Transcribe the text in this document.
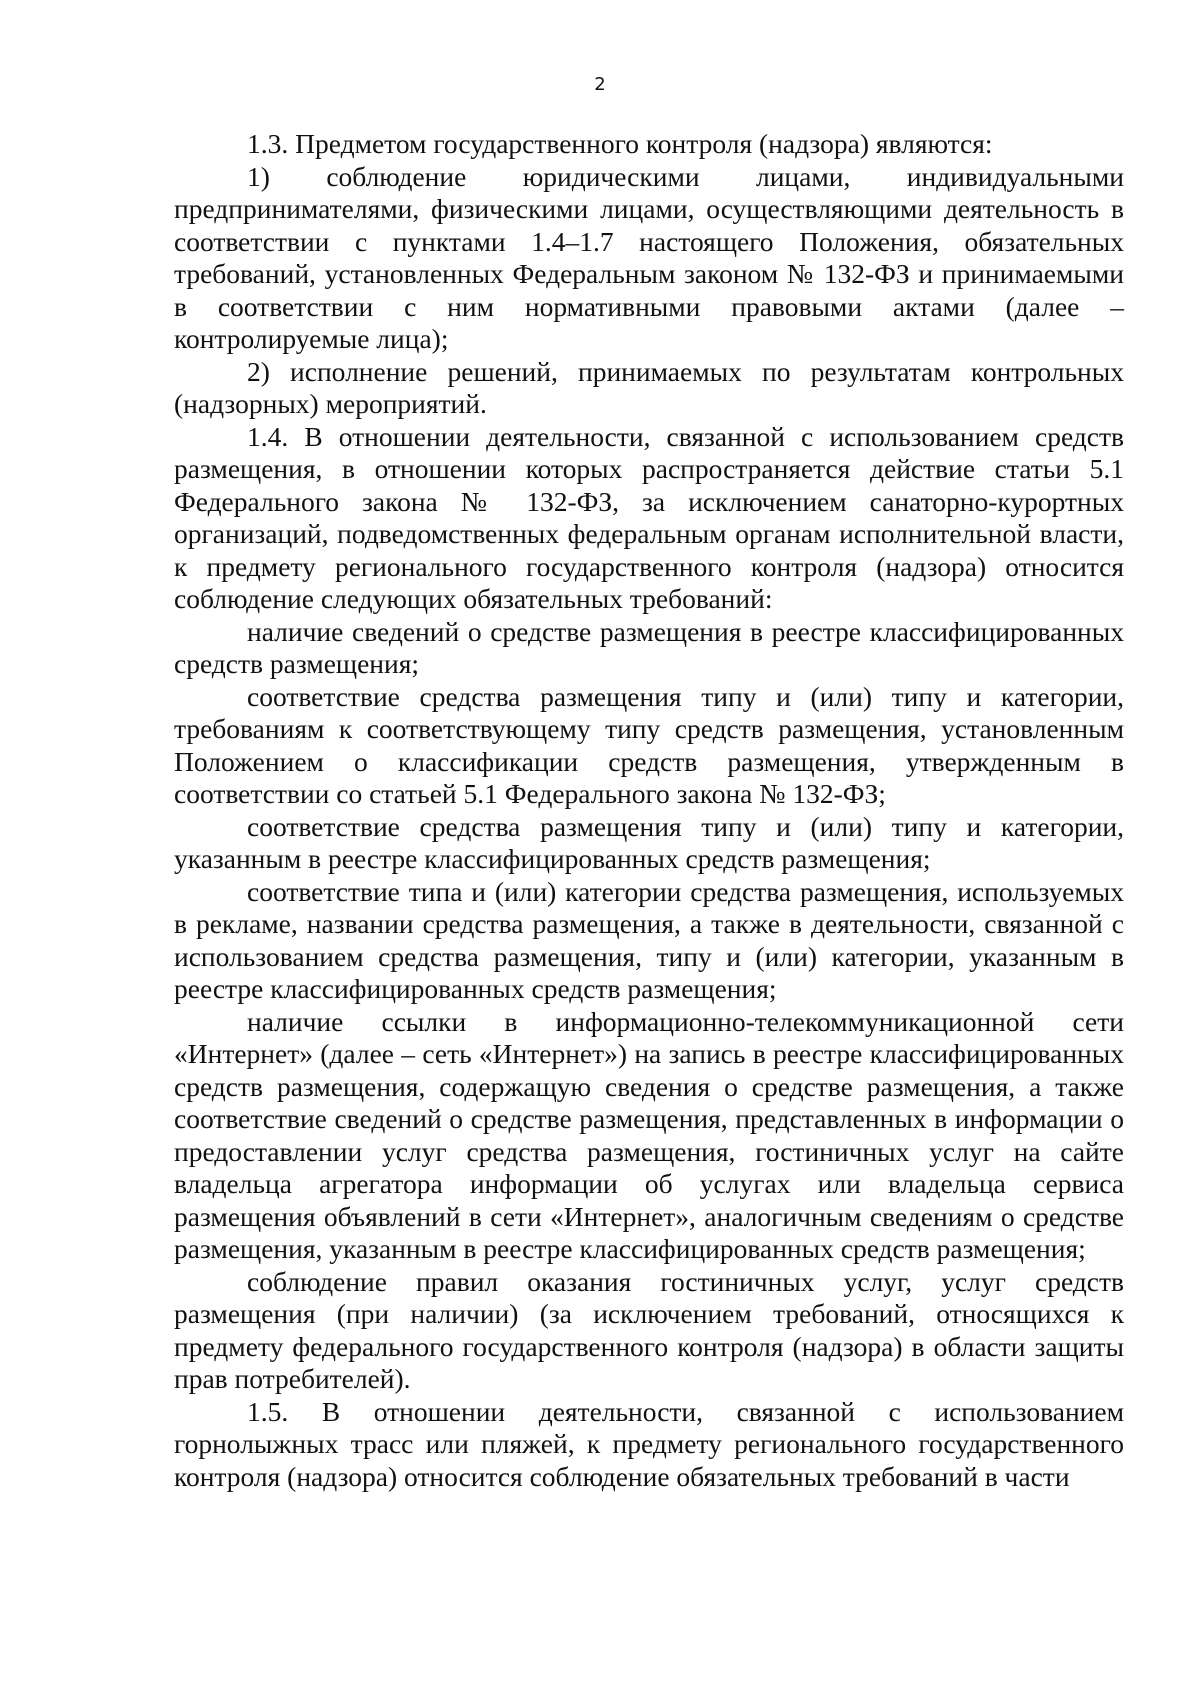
2

1.3. Предметом государственного контроля (надзора) являются:

1) соблюдение юридическими лицами, индивидуальными предпринимателями, физическими лицами, осуществляющими деятельность в соответствии с пунктами 1.4–1.7 настоящего Положения, обязательных требований, установленных Федеральным законом № 132-ФЗ и принимаемыми в соответствии с ним нормативными правовыми актами (далее – контролируемые лица);

2) исполнение решений, принимаемых по результатам контрольных (надзорных) мероприятий.

1.4. В отношении деятельности, связанной с использованием средств размещения, в отношении которых распространяется действие статьи 5.1 Федерального закона № 132-ФЗ, за исключением санаторно-курортных организаций, подведомственных федеральным органам исполнительной власти, к предмету регионального государственного контроля (надзора) относится соблюдение следующих обязательных требований:

наличие сведений о средстве размещения в реестре классифицированных средств размещения;

соответствие средства размещения типу и (или) типу и категории, требованиям к соответствующему типу средств размещения, установленным Положением о классификации средств размещения, утвержденным в соответствии со статьей 5.1 Федерального закона № 132-ФЗ;

соответствие средства размещения типу и (или) типу и категории, указанным в реестре классифицированных средств размещения;

соответствие типа и (или) категории средства размещения, используемых в рекламе, названии средства размещения, а также в деятельности, связанной с использованием средства размещения, типу и (или) категории, указанным в реестре классифицированных средств размещения;

наличие ссылки в информационно-телекоммуникационной сети «Интернет» (далее – сеть «Интернет») на запись в реестре классифицированных средств размещения, содержащую сведения о средстве размещения, а также соответствие сведений о средстве размещения, представленных в информации о предоставлении услуг средства размещения, гостиничных услуг на сайте владельца агрегатора информации об услугах или владельца сервиса размещения объявлений в сети «Интернет», аналогичным сведениям о средстве размещения, указанным в реестре классифицированных средств размещения;

соблюдение правил оказания гостиничных услуг, услуг средств размещения (при наличии) (за исключением требований, относящихся к предмету федерального государственного контроля (надзора) в области защиты прав потребителей).

1.5. В отношении деятельности, связанной с использованием горнолыжных трасс или пляжей, к предмету регионального государственного контроля (надзора) относится соблюдение обязательных требований в части
